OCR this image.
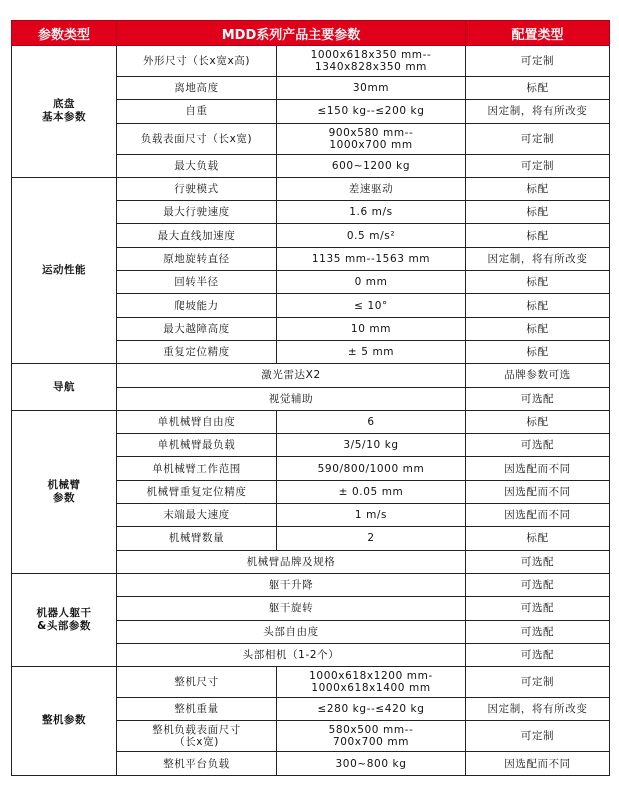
参数类型	MDD系列产品主要参数		配置类型

底盘
基本参数	外形尺寸（长x宽x高)	1000x618x350 mm--
1340x828x350 mm	可定制
	离地高度	30mm	标配
	自重	≤150 kg--≤200 kg	因定制，将有所改变
	负载表面尺寸（长x宽)	900x580 mm--
1000x700 mm	可定制
	最大负载	600~1200 kg	可定制
运动性能	行驶模式	差速驱动	标配
	最大行驶速度	1.6 m/s	标配
	最大直线加速度	0.5 m/s²	标配
	原地旋转直径	1135 mm--1563 mm	因定制，将有所改变
	回转半径	0 mm	标配
	爬坡能力	≤ 10°	标配
	最大越障高度	10 mm	标配
	重复定位精度	± 5 mm	标配
导航	激光雷达X2		品牌参数可选
	视觉辅助		可选配

机械臂
参数	单机械臂自由度	6	标配
	单机械臂最负载	3/5/10 kg	可选配
	单机械臂工作范围	590/800/1000 mm	因选配而不同
	机械臂重复定位精度	± 0.05 mm	因选配而不同
	末端最大速度	1 m/s	因选配而不同
	机械臂数量	2	标配
	机械臂品牌及规格		可选配

机器人躯干
&头部参数	躯干升降		可选配
	躯干旋转		可选配
	头部自由度		可选配
	头部相机（1-2个）		可选配
整机参数	整机尺寸	1000x618x1200 mm-
1000x618x1400 mm	可定制
	整机重量	≤280 kg--≤420 kg	因定制，将有所改变

	整机负载表面尺寸
（长x宽)	580x500 mm--
700x700 mm	可定制
	整机平台负载	300~800 kg	因选配而不同
